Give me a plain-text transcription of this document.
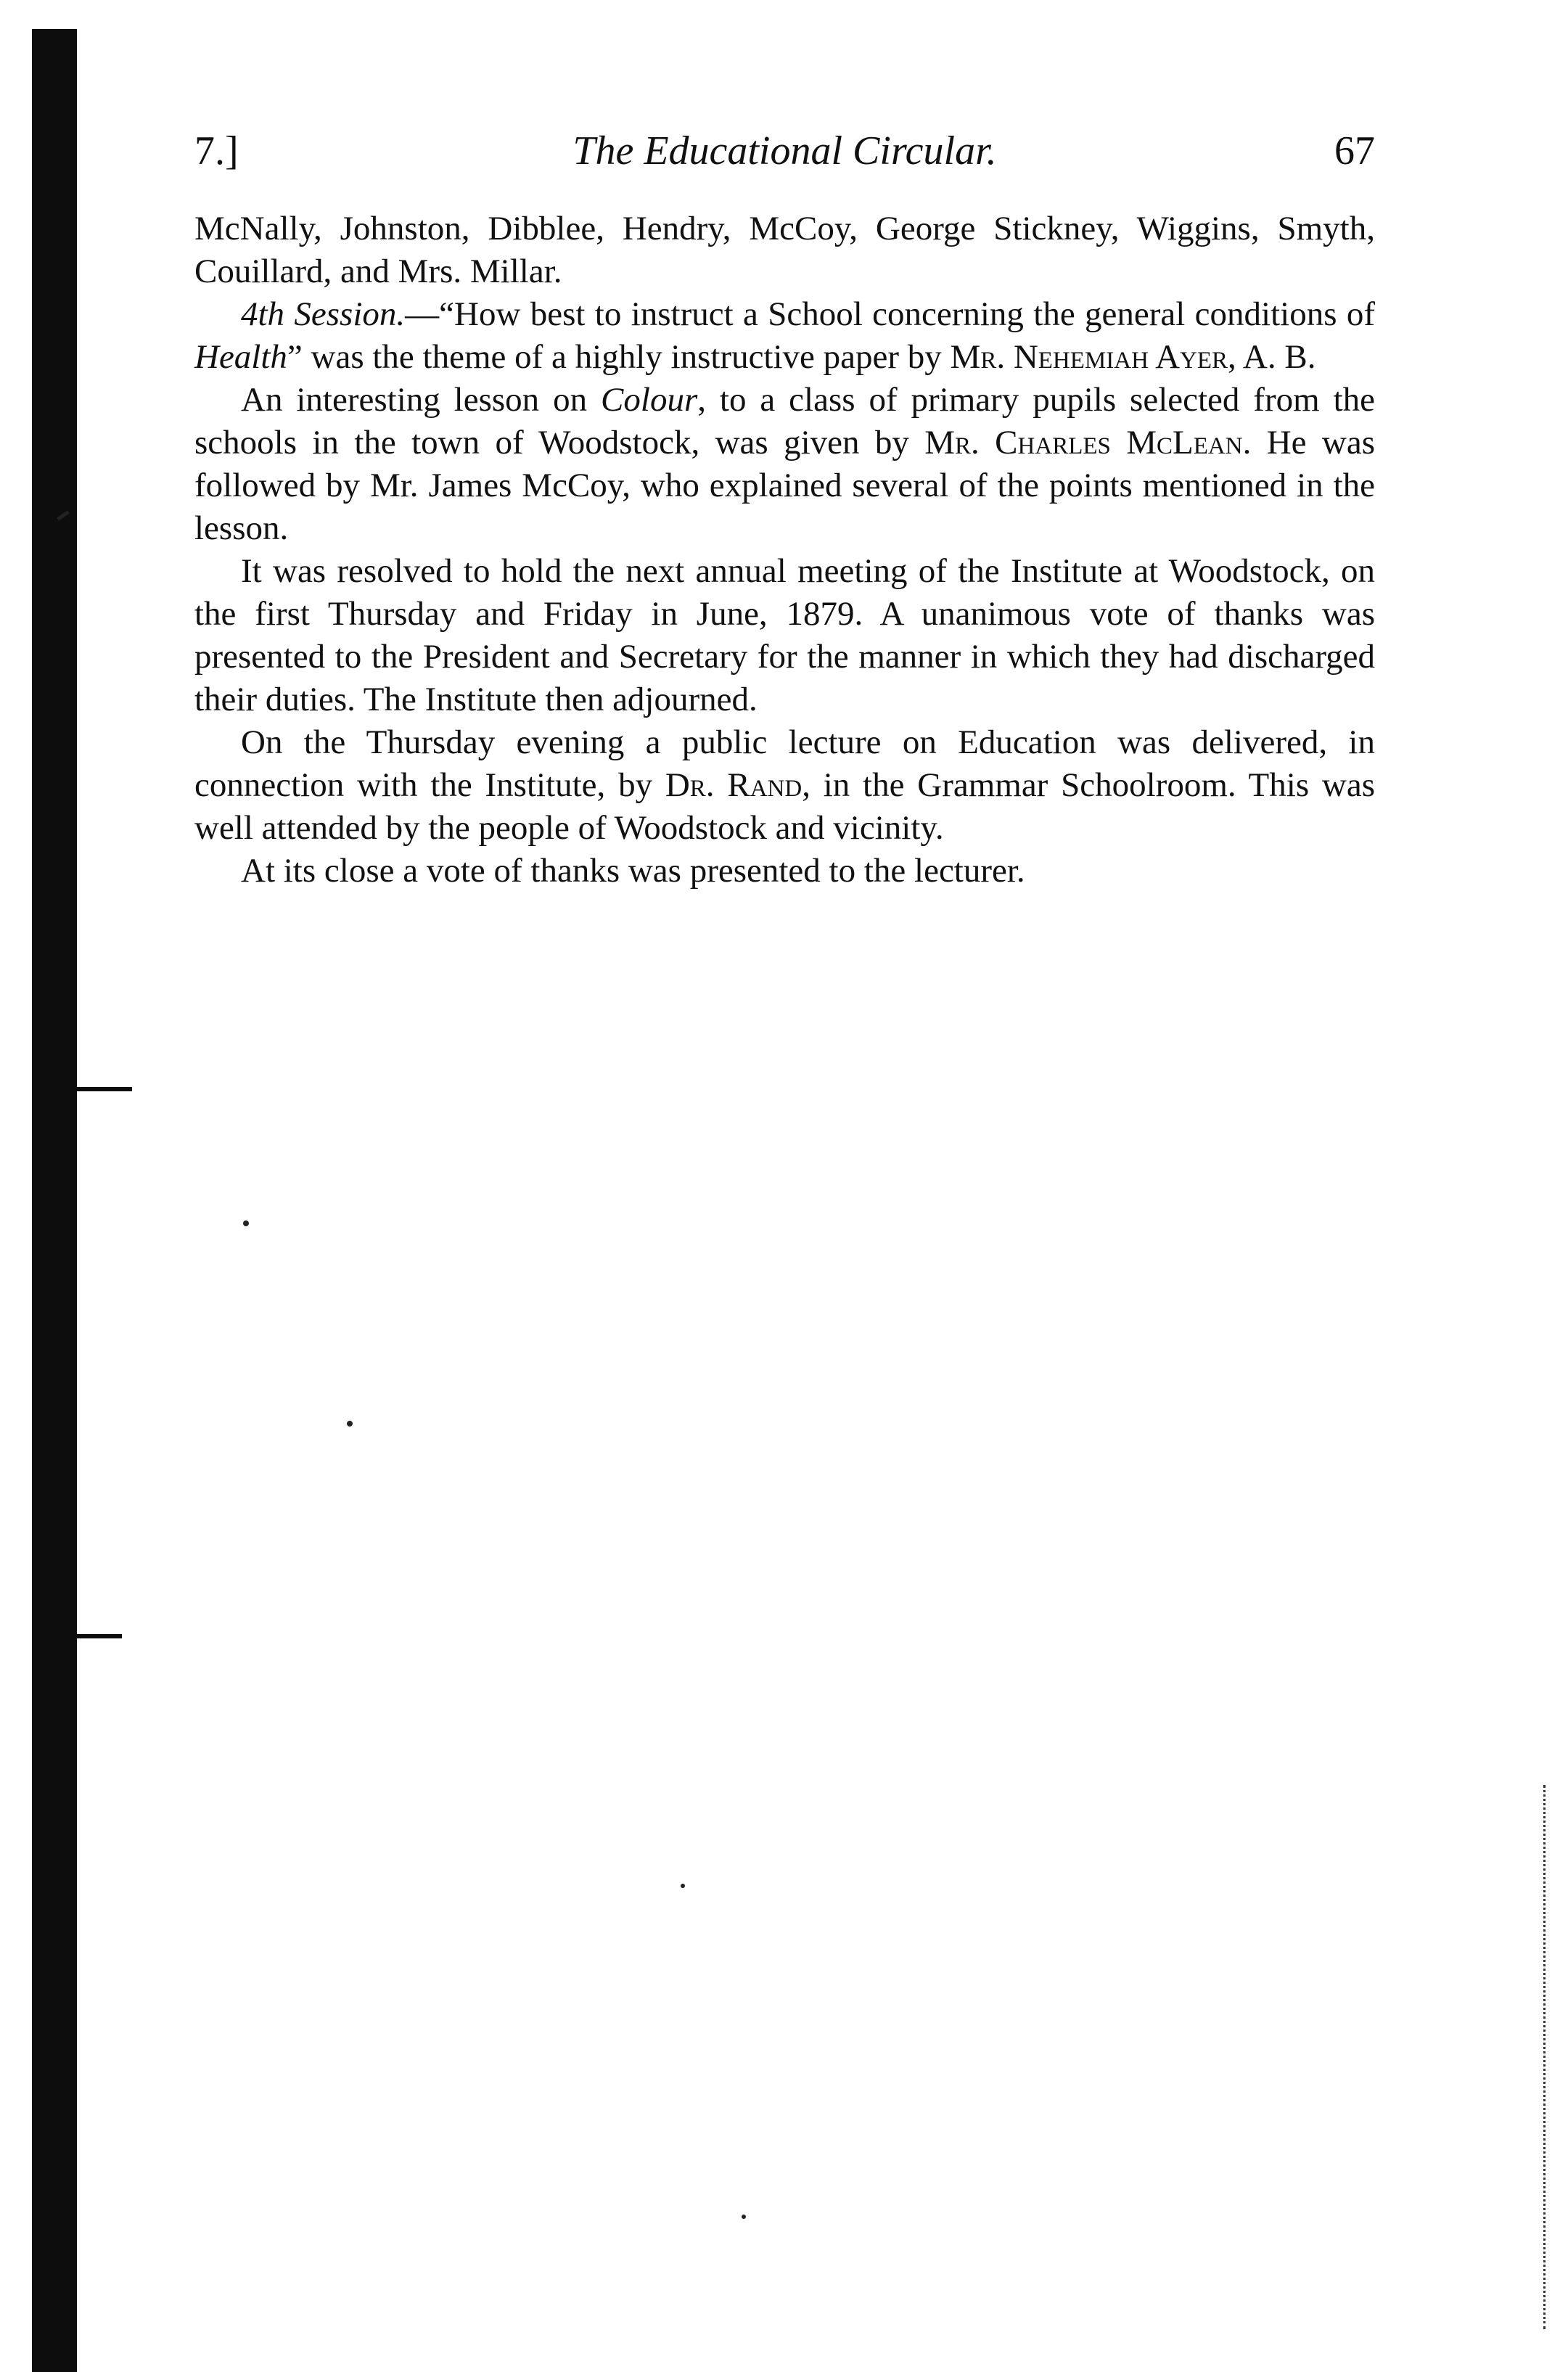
7.]	The Educational Circular.	67

McNally, Johnston, Dibblee, Hendry, McCoy, George Stickney, Wiggins, Smyth, Couillard, and Mrs. Millar.

4th Session.—“How best to instruct a School concerning the general conditions of Health” was the theme of a highly instructive paper by Mr. Nehemiah Ayer, A. B.

An interesting lesson on Colour, to a class of primary pupils selected from the schools in the town of Woodstock, was given by Mr. Charles McLean. He was followed by Mr. James McCoy, who explained several of the points mentioned in the lesson.

It was resolved to hold the next annual meeting of the Institute at Woodstock, on the first Thursday and Friday in June, 1879. A unanimous vote of thanks was presented to the President and Secretary for the manner in which they had discharged their duties. The Institute then adjourned.

On the Thursday evening a public lecture on Education was delivered, in connection with the Institute, by Dr. Rand, in the Grammar Schoolroom. This was well attended by the people of Woodstock and vicinity.

At its close a vote of thanks was presented to the lecturer.
